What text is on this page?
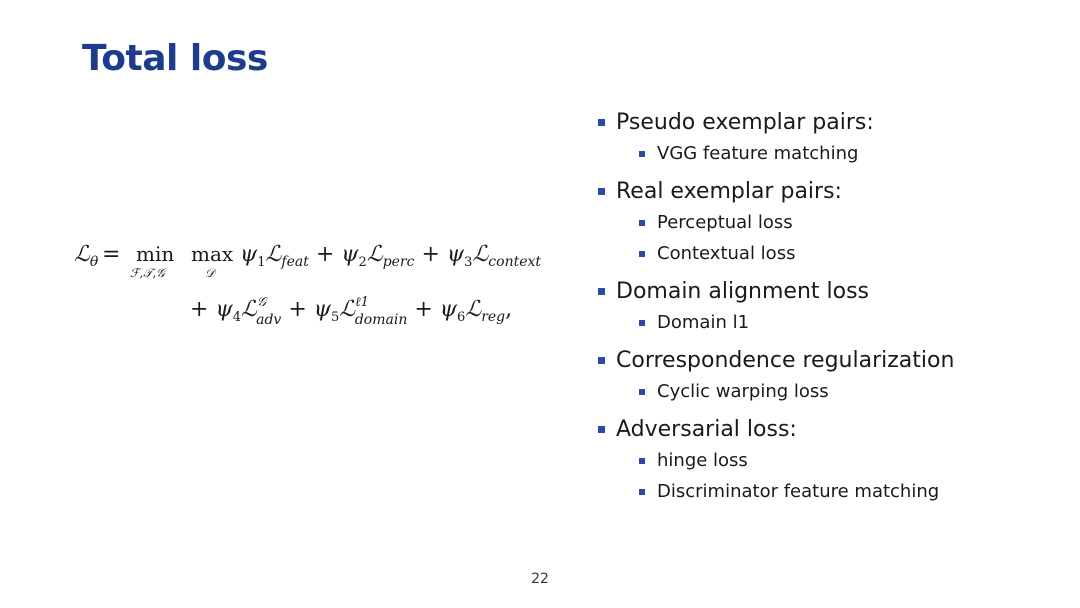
Total loss
ℒ$_\theta$ = min
ℱ,𝒯,𝒢
max
𝒟
$\psi_1ℒ_{feat}$ + $\psi_2ℒ_{perc}$ + $\psi_3ℒ_{context}$
+ $\psi_4ℒ^𝒢$ adv + $\psi_5ℒ^{\ell 1}$ domain + $\psi_6ℒ_{reg}$,
Pseudo exemplar pairs:
VGG feature matching
Real exemplar pairs:
Perceptual loss
Contextual loss
Domain alignment loss
Domain l1
Correspondence regularization
Cyclic warping loss
Adversarial loss:
hinge loss
Discriminator feature matching
22
